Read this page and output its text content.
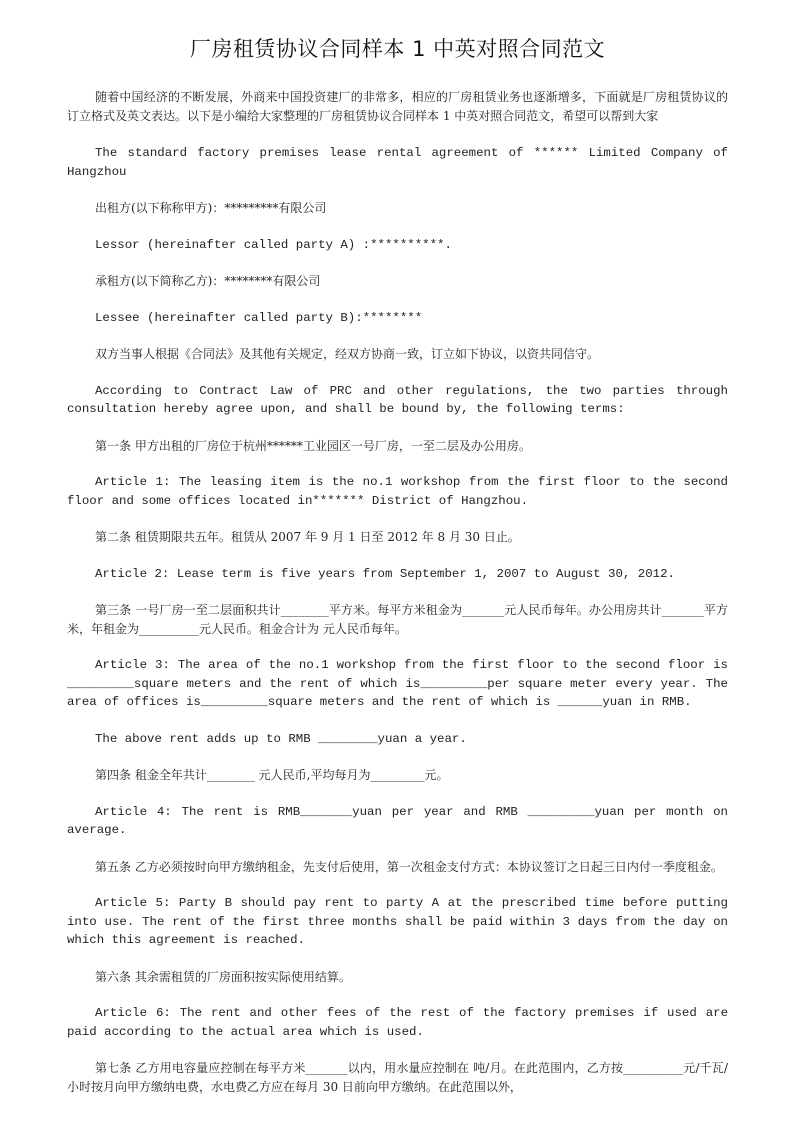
厂房租赁协议合同样本 1 中英对照合同范文

随着中国经济的不断发展，外商来中国投资建厂的非常多，相应的厂房租赁业务也逐渐增多，下面就是厂房租赁协议的订立格式及英文表达。以下是小编给大家整理的厂房租赁协议合同样本 1 中英对照合同范文，希望可以帮到大家

The standard factory premises lease rental agreement of ****** Limited Company of Hangzhou

出租方(以下称称甲方)：*********有限公司

Lessor (hereinafter called party A) :**********.

承租方(以下简称乙方)：********有限公司

Lessee (hereinafter called party B):********

双方当事人根据《合同法》及其他有关规定，经双方协商一致，订立如下协议，以资共同信守。

According to Contract Law of PRC and other regulations, the two parties through consultation hereby agree upon, and shall be bound by, the following terms:

第一条 甲方出租的厂房位于杭州******工业园区一号厂房，一至二层及办公用房。

Article 1: The leasing item is the no.1 workshop from the first floor to the second floor and some offices located in******* District of Hangzhou.

第二条 租赁期限共五年。租赁从 2007 年 9 月 1 日至 2012 年 8 月 30 日止。

Article 2: Lease term is five years from September 1, 2007 to August 30, 2012.

第三条 一号厂房一至二层面积共计________平方米。每平方米租金为_______元人民币每年。办公用房共计_______平方米，年租金为__________元人民币。租金合计为 元人民币每年。

Article 3: The area of the no.1 workshop from the first floor to the second floor is _________square meters and the rent of which is_________per square meter every year. The area of offices is_________square meters and the rent of which is ______yuan in RMB.

The above rent adds up to RMB ________yuan a year.

第四条 租金全年共计________ 元人民币,平均每月为_________元。

Article 4: The rent is RMB_______yuan per year and RMB _________yuan per month on average.

第五条 乙方必须按时向甲方缴纳租金，先支付后使用，第一次租金支付方式：本协议签订之日起三日内付一季度租金。

Article 5: Party B should pay rent to party A at the prescribed time before putting into use. The rent of the first three months shall be paid within 3 days from the day on which this agreement is reached.

第六条 其余需租赁的厂房面积按实际使用结算。

Article 6: The rent and other fees of the rest of the factory premises if used are paid according to the actual area which is used.

第七条 乙方用电容量应控制在每平方米_______以内，用水量应控制在 吨/月。在此范围内，乙方按__________元/千瓦/小时按月向甲方缴纳电费，水电费乙方应在每月 30 日前向甲方缴纳。在此范围以外，
